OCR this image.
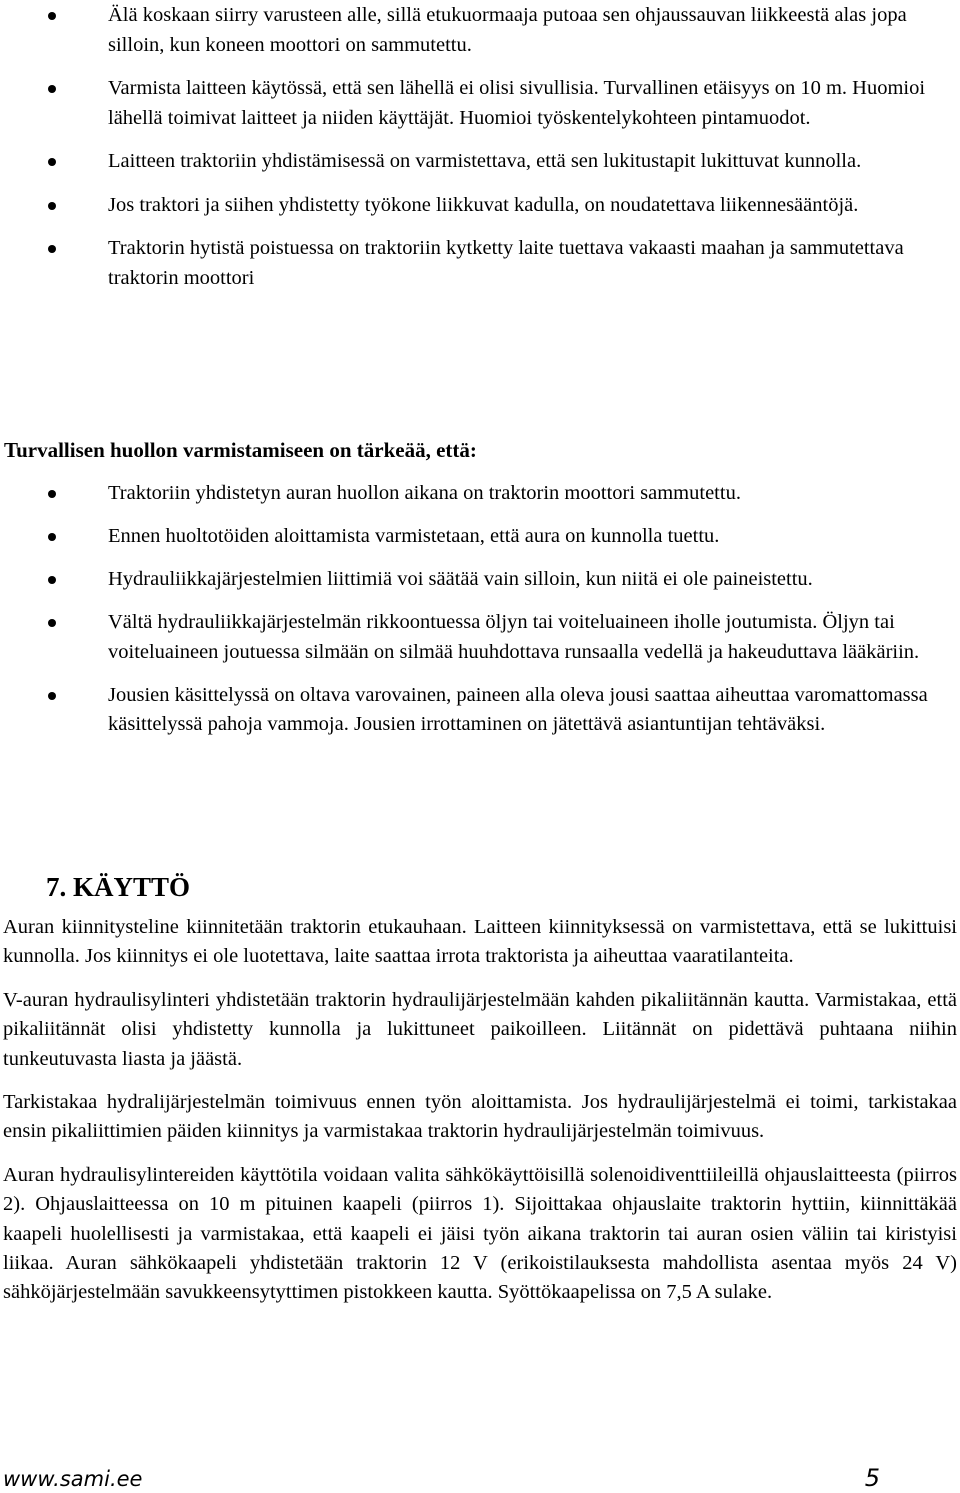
Älä koskaan siirry varusteen alle, sillä etukuormaaja putoaa sen ohjaussauvan liikkeestä alas jopa silloin, kun koneen moottori on sammutettu.
Varmista laitteen käytössä, että sen lähellä ei olisi sivullisia. Turvallinen etäisyys on 10 m. Huomioi lähellä toimivat laitteet ja niiden käyttäjät. Huomioi työskentelykohteen pintamuodot.
Laitteen traktoriin yhdistämisessä on varmistettava, että sen lukitustapit lukittuvat kunnolla.
Jos traktori ja siihen yhdistetty työkone liikkuvat kadulla, on noudatettava liikennesääntöjä.
Traktorin hytistä poistuessa on traktoriin kytketty laite tuettava vakaasti maahan ja sammutettava traktorin moottori

Turvallisen huollon varmistamiseen on tärkeää, että:

Traktoriin yhdistetyn auran huollon aikana on traktorin moottori sammutettu.
Ennen huoltotöiden aloittamista varmistetaan, että aura on kunnolla tuettu.
Hydrauliikkajärjestelmien liittimiä voi säätää vain silloin, kun niitä ei ole paineistettu.
Vältä hydrauliikkajärjestelmän rikkoontuessa öljyn tai voiteluaineen iholle joutumista. Öljyn tai voiteluaineen joutuessa silmään on silmää huuhdottava runsaalla vedellä ja hakeuduttava lääkäriin.
Jousien käsittelyssä on oltava varovainen, paineen alla oleva jousi saattaa aiheuttaa varomattomassa käsittelyssä pahoja vammoja. Jousien irrottaminen on jätettävä asiantuntijan tehtäväksi.
7. KÄYTTÖ

Auran kiinnitysteline kiinnitetään traktorin etukauhaan. Laitteen kiinnityksessä on varmistettava, että se lukittuisi kunnolla. Jos kiinnitys ei ole luotettava, laite saattaa irrota traktorista ja aiheuttaa vaaratilanteita.

V-auran hydraulisylinteri yhdistetään traktorin hydraulijärjestelmään kahden pikaliitännän kautta. Varmistakaa, että pikaliitännät olisi yhdistetty kunnolla ja lukittuneet paikoilleen. Liitännät on pidettävä puhtaana niihin tunkeutuvasta liasta ja jäästä.

Tarkistakaa hydralijärjestelmän toimivuus ennen työn aloittamista. Jos hydraulijärjestelmä ei toimi, tarkistakaa ensin pikaliittimien päiden kiinnitys ja varmistakaa traktorin hydraulijärjestelmän toimivuus.

Auran hydraulisylintereiden käyttötila voidaan valita sähkökäyttöisillä solenoidiventtiileillä ohjauslaitteesta (piirros 2). Ohjauslaitteessa on 10 m pituinen kaapeli (piirros 1). Sijoittakaa ohjauslaite traktorin hyttiin, kiinnittäkää kaapeli huolellisesti ja varmistakaa, että kaapeli ei jäisi työn aikana traktorin tai auran osien väliin tai kiristyisi liikaa. Auran sähkökaapeli yhdistetään traktorin 12 V (erikoistilauksesta mahdollista asentaa myös 24 V) sähköjärjestelmään savukkeensytyttimen pistokkeen kautta. Syöttökaapelissa on 7,5 A sulake.

www.sami.ee	5
